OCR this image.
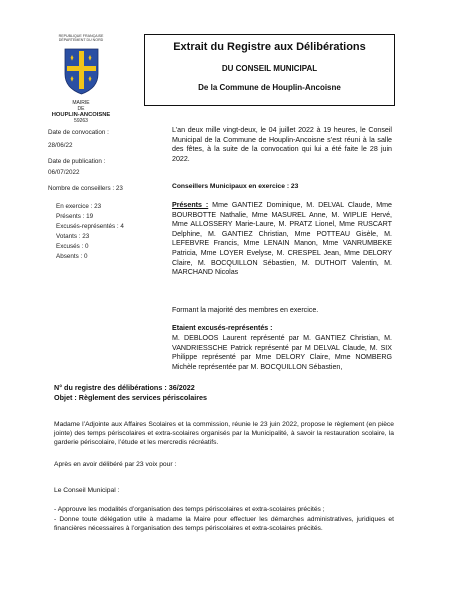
REPUBLIQUE FRANÇAISE
DÉPARTEMENT DU NORD
MAIRIE
DE
HOUPLIN-ANCOISNE
59263
Extrait du Registre aux Délibérations
DU CONSEIL MUNICIPAL
De la Commune de Houplin-Ancoisne
Date de convocation :
28/06/22
Date de publication :
06/07/2022
Nombre de conseillers : 23
En exercice : 23
Présents : 19
Excusés-représentés : 4
Votants : 23
Excusés : 0
Absents : 0
L’an deux mille vingt-deux, le 04 juillet 2022 à 19 heures, le Conseil Municipal de la Commune de Houplin-Ancoisne s’est réuni à la salle des fêtes, à la suite de la convocation qui lui a été faite le 28 juin 2022.
Conseillers Municipaux en exercice : 23
Présents : Mme GANTIEZ Dominique, M. DELVAL Claude, Mme BOURBOTTE Nathalie, Mme MASUREL Anne, M. WIPLIE Hervé, Mme ALLOSSERY Marie-Laure, M. PRATZ Lionel, Mme RUSCART Delphine, M. GANTIEZ Christian, Mme POTTEAU Gisèle, M. LEFEBVRE Francis, Mme LENAIN Manon, Mme VANRUMBEKE Patricia, Mme LOYER Evelyse, M. CRESPEL Jean, Mme DELORY Claire, M. BOCQUILLON Sébastien, M. DUTHOIT Valentin, M. MARCHAND Nicolas
Formant la majorité des membres en exercice.
Etaient excusés-représentés :
M. DEBLOOS Laurent représenté par M. GANTIEZ Christian, M. VANDRIESSCHE Patrick représenté par M DELVAL Claude, M. SIX Philippe représenté par Mme DELORY Claire, Mme NOMBERG Michèle représentée par M. BOCQUILLON Sébastien,
N° du registre des délibérations : 36/2022
Objet : Règlement des services périscolaires
Madame l’Adjointe aux Affaires Scolaires et la commission, réunie le 23 juin 2022, propose le règlement (en pièce jointe) des temps périscolaires et extra-scolaires organisés par la Municipalité, à savoir la restauration scolaire, la garderie périscolaire, l’étude et les mercredis récréatifs.
Après en avoir délibéré par 23 voix pour :
Le Conseil Municipal :
- Approuve les modalités d’organisation des temps périscolaires et extra-scolaires précités ;
- Donne toute délégation utile à madame la Maire pour effectuer les démarches administratives, juridiques et financières nécessaires à l’organisation des temps périscolaires et extra-scolaires précités.
